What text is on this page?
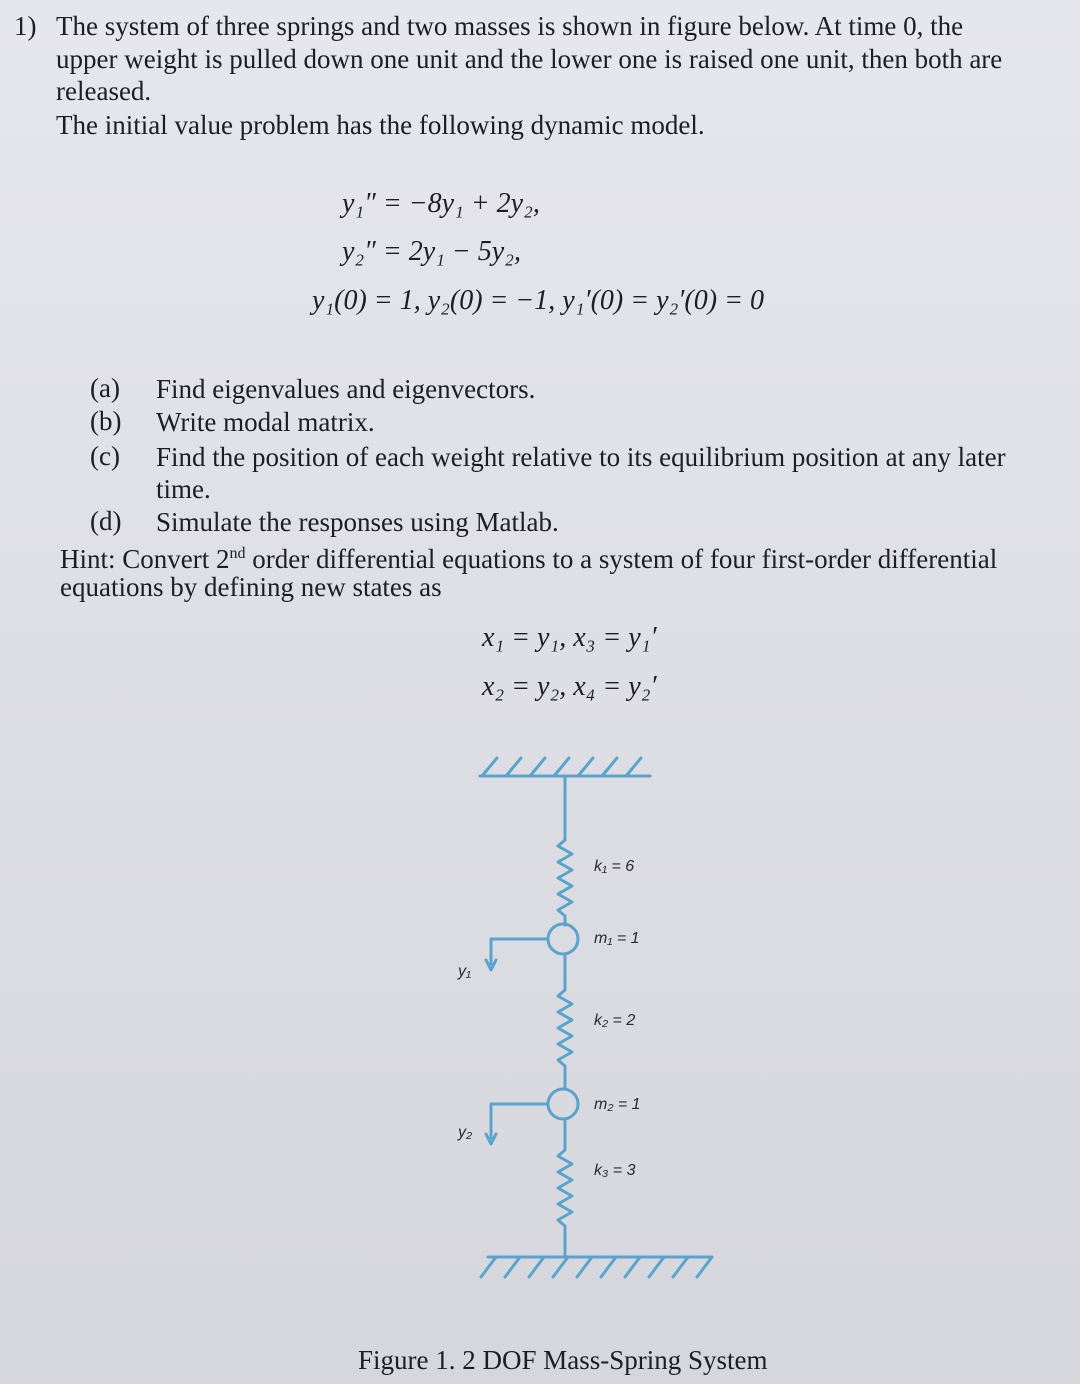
1) The system of three springs and two masses is shown in figure below. At time 0, the
upper weight is pulled down one unit and the lower one is raised one unit, then both are
released.
The initial value problem has the following dynamic model.
y₁″ = −8y₁ + 2y₂,
y₂″ = 2y₁ − 5y₂,
y₁(0) = 1, y₂(0) = −1, y₁′(0) = y₂′(0) = 0
(a) Find eigenvalues and eigenvectors.
(b) Write modal matrix.
(c) Find the position of each weight relative to its equilibrium position at any later
time.
(d) Simulate the responses using Matlab.
Hint: Convert 2nd order differential equations to a system of four first-order differential
equations by defining new states as
x₁ = y₁, x₃ = y₁′
x₂ = y₂, x₄ = y₂′
k₁ = 6
m₁ = 1
y₁
k₂ = 2
m₂ = 1
y₂
k₃ = 3
Figure 1. 2 DOF Mass-Spring System
